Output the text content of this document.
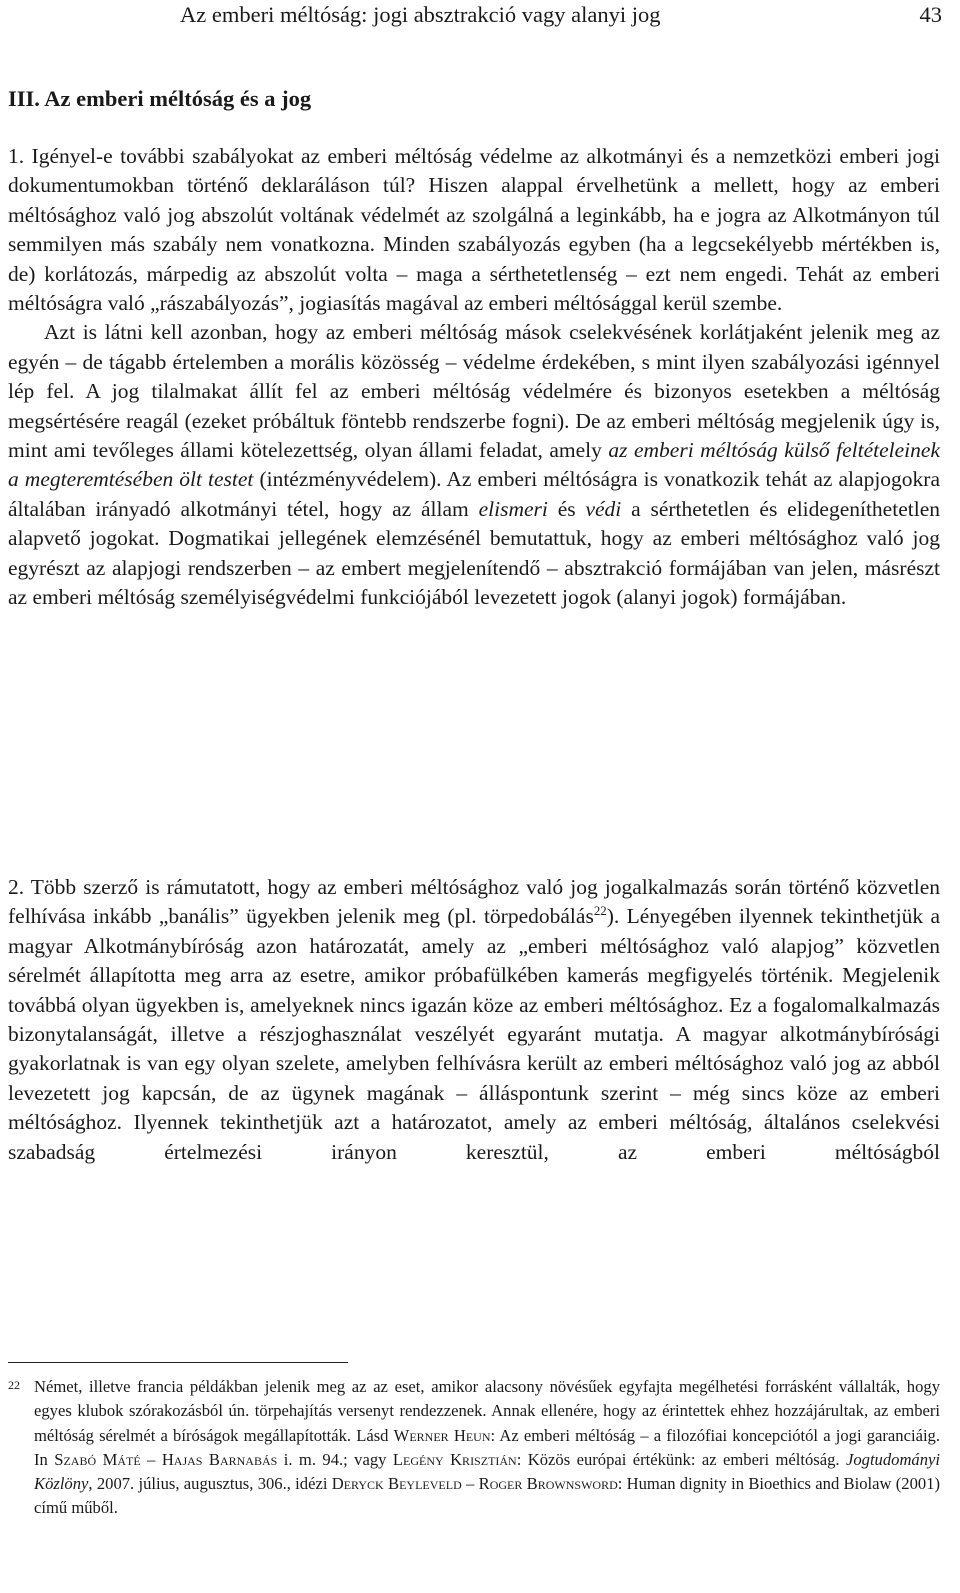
Az emberi méltóság: jogi absztrakció vagy alanyi jog	43
III. Az emberi méltóság és a jog

1. Igényel-e további szabályokat az emberi méltóság védelme az alkotmányi és a nemzetközi emberi jogi dokumentumokban történő deklaráláson túl? Hiszen alappal érvelhetünk a mellett, hogy az emberi méltósághoz való jog abszolút voltának védelmét az szolgálná a leginkább, ha e jogra az Alkotmányon túl semmilyen más szabály nem vonatkozna. Minden szabályozás egyben (ha a legcsekélyebb mértékben is, de) korlátozás, márpedig az abszolút volta – maga a sérthetetlenség – ezt nem engedi. Tehát az emberi méltóságra való „rászabályozás”, jogiasítás magával az emberi méltósággal kerül szembe.

Azt is látni kell azonban, hogy az emberi méltóság mások cselekvésének korlátjaként jelenik meg az egyén – de tágabb értelemben a morális közösség – védelme érdekében, s mint ilyen szabályozási igénnyel lép fel. A jog tilalmakat állít fel az emberi méltóság védelmére és bizonyos esetekben a méltóság megsértésére reagál (ezeket próbáltuk föntebb rendszerbe fogni). De az emberi méltóság megjelenik úgy is, mint ami tevőleges állami kötelezettség, olyan állami feladat, amely az emberi méltóság külső feltételeinek a megteremtésében ölt testet (intézményvédelem). Az emberi méltóságra is vonatkozik tehát az alapjogokra általában irányadó alkotmányi tétel, hogy az állam elismeri és védi a sérthetetlen és elidegeníthetetlen alapvető jogokat. Dogmatikai jellegének elemzésénél bemutattuk, hogy az emberi méltósághoz való jog egyrészt az alapjogi rendszerben – az embert megjelenítendő – absztrakció formájában van jelen, másrészt az emberi méltóság személyiségvédelmi funkciójából levezetett jogok (alanyi jogok) formájában.

2. Több szerző is rámutatott, hogy az emberi méltósághoz való jog jogalkalmazás során történő közvetlen felhívása inkább „banális” ügyekben jelenik meg (pl. törpedobálás$^{22}$). Lényegében ilyennek tekinthetjük a magyar Alkotmánybíróság azon határozatát, amely az „emberi méltósághoz való alapjog” közvetlen sérelmét állapította meg arra az esetre, amikor próbafülkében kamerás megfigyelés történik. Megjelenik továbbá olyan ügyekben is, amelyeknek nincs igazán köze az emberi méltósághoz. Ez a fogalomalkalmazás bizonytalanságát, illetve a részjoghasználat veszélyét egyaránt mutatja. A magyar alkotmánybírósági gyakorlatnak is van egy olyan szelete, amelyben felhívásra került az emberi méltósághoz való jog az abból levezetett jog kapcsán, de az ügynek magának – álláspontunk szerint – még sincs köze az emberi méltósághoz. Ilyennek tekinthetjük azt a határozatot, amely az emberi méltóság, általános cselekvési szabadság értelmezési irányon keresztül, az emberi méltóságból

22 Német, illetve francia példákban jelenik meg az az eset, amikor alacsony növésűek egyfajta megélhetési forrásként vállalták, hogy egyes klubok szórakozásból ún. törpehajítás versenyt rendezzenek. Annak ellenére, hogy az érintettek ehhez hozzájárultak, az emberi méltóság sérelmét a bíróságok megállapították. Lásd Werner Heun: Az emberi méltóság – a filozófiai koncepciótól a jogi garanciáig. In Szabó Máté – Hajas Barnabás i. m. 94.; vagy Legény Krisztián: Közös európai értékünk: az emberi méltóság. Jogtudományi Közlöny, 2007. július, augusztus, 306., idézi Deryck Beyleveld – Roger Brownsword: Human dignity in Bioethics and Biolaw (2001) című műből.
